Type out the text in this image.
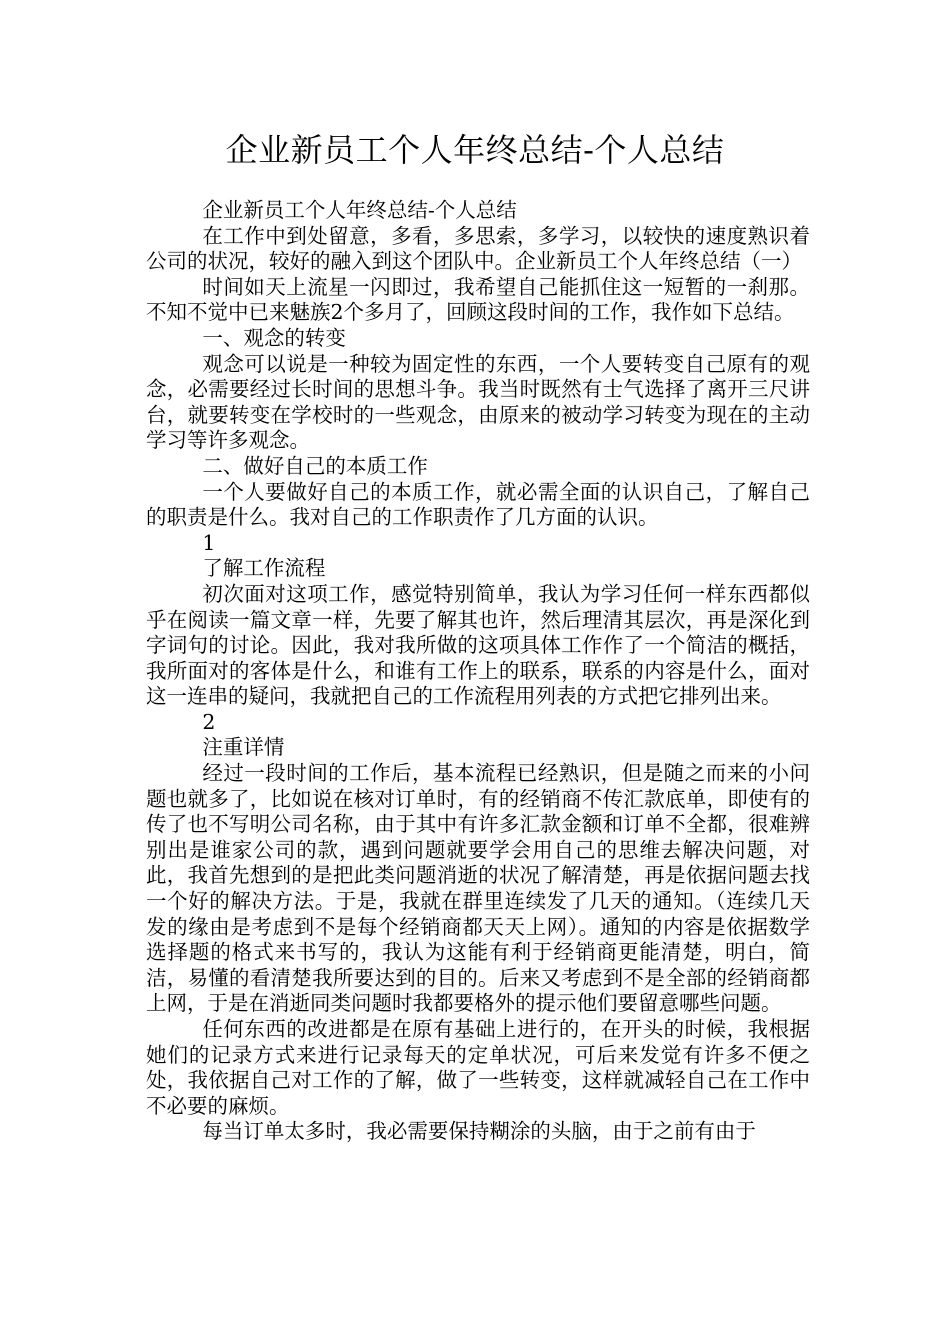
企业新员工个人年终总结-个人总结

企业新员工个人年终总结-个人总结

在工作中到处留意，多看，多思索，多学习，以较快的速度熟识着公司的状况，较好的融入到这个团队中。企业新员工个人年终总结（一）

时间如天上流星一闪即过，我希望自己能抓住这一短暂的一刹那。不知不觉中已来魅族2个多月了，回顾这段时间的工作，我作如下总结。

一、观念的转变

观念可以说是一种较为固定性的东西，一个人要转变自己原有的观念，必需要经过长时间的思想斗争。我当时既然有士气选择了离开三尺讲台，就要转变在学校时的一些观念，由原来的被动学习转变为现在的主动学习等许多观念。

二、做好自己的本质工作

一个人要做好自己的本质工作，就必需全面的认识自己，了解自己的职责是什么。我对自己的工作职责作了几方面的认识。

1

了解工作流程

初次面对这项工作，感觉特别简单，我认为学习任何一样东西都似乎在阅读一篇文章一样，先要了解其也许，然后理清其层次，再是深化到字词句的讨论。因此，我对我所做的这项具体工作作了一个简洁的概括，我所面对的客体是什么，和谁有工作上的联系，联系的内容是什么，面对这一连串的疑问，我就把自己的工作流程用列表的方式把它排列出来。

2

注重详情

经过一段时间的工作后，基本流程已经熟识，但是随之而来的小问题也就多了，比如说在核对订单时，有的经销商不传汇款底单，即使有的传了也不写明公司名称，由于其中有许多汇款金额和订单不全都，很难辨别出是谁家公司的款，遇到问题就要学会用自己的思维去解决问题，对此，我首先想到的是把此类问题消逝的状况了解清楚，再是依据问题去找一个好的解决方法。于是，我就在群里连续发了几天的通知。（连续几天发的缘由是考虑到不是每个经销商都天天上网）。通知的内容是依据数学选择题的格式来书写的，我认为这能有利于经销商更能清楚，明白，简洁，易懂的看清楚我所要达到的目的。后来又考虑到不是全部的经销商都上网，于是在消逝同类问题时我都要格外的提示他们要留意哪些问题。

任何东西的改进都是在原有基础上进行的，在开头的时候，我根据她们的记录方式来进行记录每天的定单状况，可后来发觉有许多不便之处，我依据自己对工作的了解，做了一些转变，这样就减轻自己在工作中不必要的麻烦。

每当订单太多时，我必需要保持糊涂的头脑，由于之前有由于
